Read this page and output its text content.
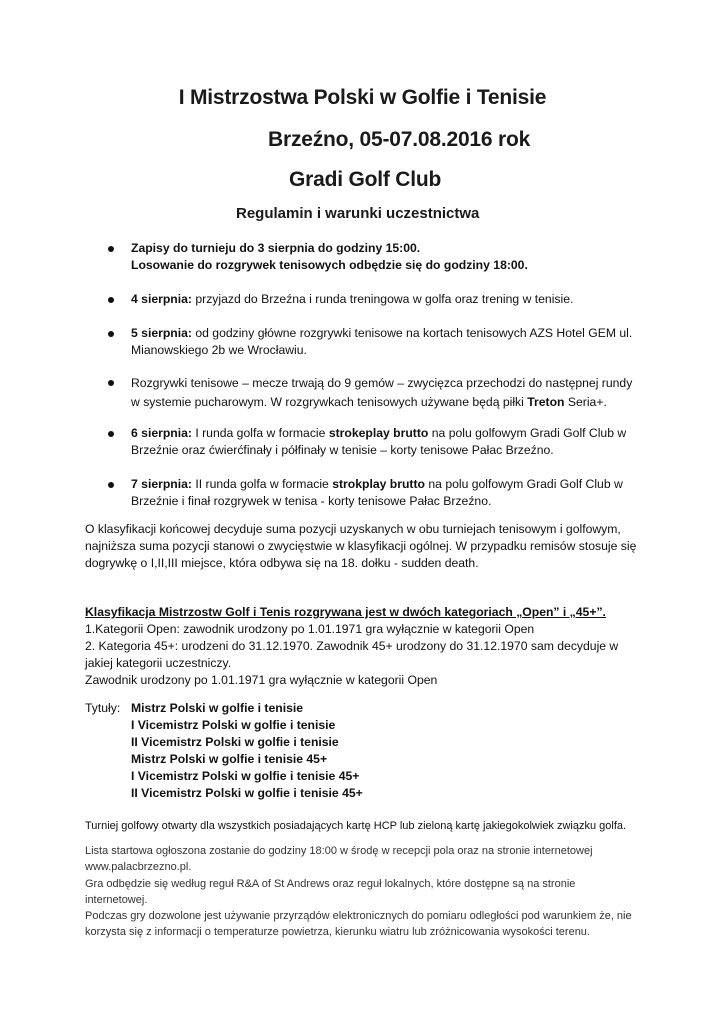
I Mistrzostwa Polski w Golfie i Tenisie
Brzeźno, 05-07.08.2016 rok
Gradi Golf Club
Regulamin i warunki uczestnictwa
Zapisy do turnieju do 3 sierpnia do godziny 15:00.
Losowanie do rozgrywek tenisowych odbędzie się do godziny 18:00.
4 sierpnia: przyjazd do Brzeźna i runda treningowa w golfa oraz trening w tenisie.
5 sierpnia: od godziny główne rozgrywki tenisowe na kortach tenisowych AZS Hotel GEM ul.
Mianowskiego 2b we Wrocławiu.
Rozgrywki tenisowe – mecze trwają do 9 gemów – zwycięzca przechodzi do następnej rundy
w systemie pucharowym. W rozgrywkach tenisowych używane będą piłki Treton Seria+.
6 sierpnia: I runda golfa w formacie strokeplay brutto na polu golfowym Gradi Golf Club w
Brzeźnie oraz ćwierćfinały i półfinały w tenisie – korty tenisowe Pałac Brzeźno.
7 sierpnia: II runda golfa w formacie strokplay brutto na polu golfowym Gradi Golf Club w
Brzeźnie i finał rozgrywek w tenisa - korty tenisowe Pałac Brzeźno.
O klasyfikacji końcowej decyduje suma pozycji uzyskanych w obu turniejach tenisowym i golfowym,
najniższa suma pozycji stanowi o zwycięstwie w klasyfikacji ogólnej. W przypadku remisów stosuje się
dogrywkę o I,II,III miejsce, która odbywa się na 18. dołku - sudden death.
Klasyfikacja Mistrzostw Golf i Tenis rozgrywana jest w dwóch kategoriach „Open” i „45+”.
1.Kategorii Open: zawodnik urodzony po 1.01.1971 gra wyłącznie w kategorii Open
2. Kategoria 45+: urodzeni do 31.12.1970. Zawodnik 45+ urodzony do 31.12.1970 sam decyduje w
jakiej kategorii uczestniczy.
Zawodnik urodzony po 1.01.1971 gra wyłącznie w kategorii Open
Tytuły: Mistrz Polski w golfie i tenisie
I Vicemistrz Polski w golfie i tenisie
II Vicemistrz Polski w golfie i tenisie
Mistrz Polski w golfie i tenisie 45+
I Vicemistrz Polski w golfie i tenisie 45+
II Vicemistrz Polski w golfie i tenisie 45+
Turniej golfowy otwarty dla wszystkich posiadających kartę HCP lub zieloną kartę jakiegokolwiek związku golfa.
Lista startowa ogłoszona zostanie do godziny 18:00 w środę w recepcji pola oraz na stronie internetowej
www.palacbrzezno.pl.
Gra odbędzie się według reguł R&A of St Andrews oraz reguł lokalnych, które dostępne są na stronie
internetowej.
Podczas gry dozwolone jest używanie przyrządów elektronicznych do pomiaru odległości pod warunkiem że, nie
korzysta się z informacji o temperaturze powietrza, kierunku wiatru lub zróżnicowania wysokości terenu.
